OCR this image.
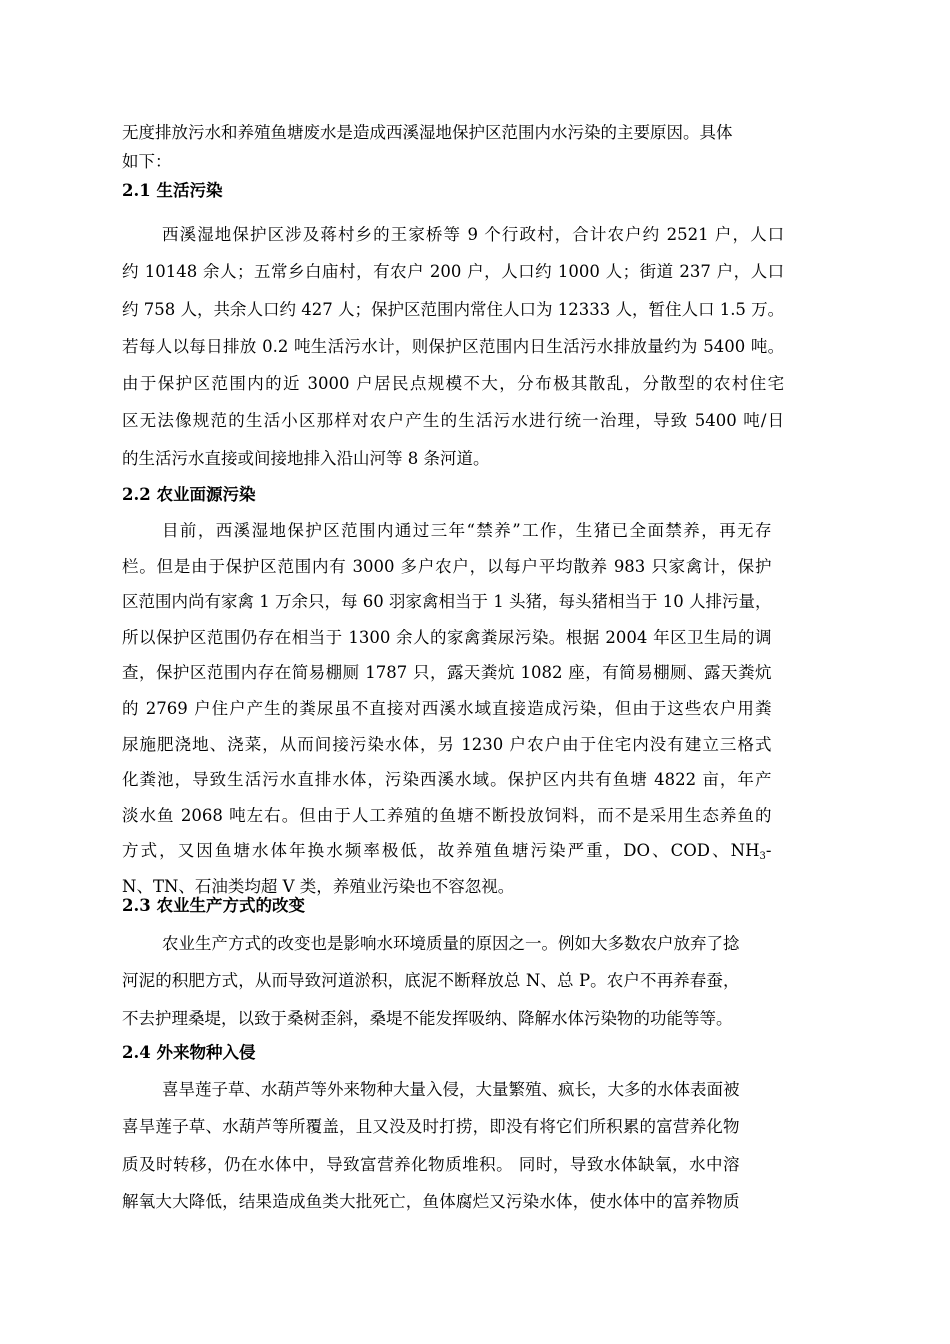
无度排放污水和养殖鱼塘废水是造成西溪湿地保护区范围内水污染的主要原因。具体

如下：

2.1 生活污染

西溪湿地保护区涉及蒋村乡的王家桥等 9 个行政村，合计农户约 2521 户，人口

约 10148 余人；五常乡白庙村，有农户 200 户，人口约 1000 人；街道 237 户，人口

约 758 人，共余人口约 427 人；保护区范围内常住人口为 12333 人，暂住人口 1.5 万。

若每人以每日排放 0.2 吨生活污水计，则保护区范围内日生活污水排放量约为 5400 吨。

由于保护区范围内的近 3000 户居民点规模不大，分布极其散乱，分散型的农村住宅

区无法像规范的生活小区那样对农户产生的生活污水进行统一治理，导致 5400 吨/日

的生活污水直接或间接地排入沿山河等 8 条河道。

2.2 农业面源污染

目前，西溪湿地保护区范围内通过三年“禁养”工作，生猪已全面禁养，再无存

栏。但是由于保护区范围内有 3000 多户农户，以每户平均散养 983 只家禽计，保护

区范围内尚有家禽 1 万余只，每 60 羽家禽相当于 1 头猪，每头猪相当于 10 人排污量，

所以保护区范围仍存在相当于 1300 余人的家禽粪尿污染。根据 2004 年区卫生局的调

查，保护区范围内存在简易棚厕 1787 只，露天粪炕 1082 座，有简易棚厕、露天粪炕

的 2769 户住户产生的粪尿虽不直接对西溪水域直接造成污染，但由于这些农户用粪

尿施肥浇地、浇菜，从而间接污染水体，另 1230 户农户由于住宅内没有建立三格式

化粪池，导致生活污水直排水体，污染西溪水域。保护区内共有鱼塘 4822 亩，年产

淡水鱼 2068 吨左右。但由于人工养殖的鱼塘不断投放饲料，而不是采用生态养鱼的

方式，又因鱼塘水体年换水频率极低，故养殖鱼塘污染严重，DO、COD、$NH_3-$

N、TN、石油类均超 V 类，养殖业污染也不容忽视。

2.3 农业生产方式的改变

农业生产方式的改变也是影响水环境质量的原因之一。例如大多数农户放弃了捻

河泥的积肥方式，从而导致河道淤积，底泥不断释放总 N、总 P。农户不再养春蚕，

不去护理桑堤，以致于桑树歪斜，桑堤不能发挥吸纳、降解水体污染物的功能等等。

2.4 外来物种入侵

喜旱莲子草、水葫芦等外来物种大量入侵，大量繁殖、疯长，大多的水体表面被

喜旱莲子草、水葫芦等所覆盖，且又没及时打捞，即没有将它们所积累的富营养化物

质及时转移，仍在水体中，导致富营养化物质堆积。 同时，导致水体缺氧，水中溶

解氧大大降低，结果造成鱼类大批死亡，鱼体腐烂又污染水体，使水体中的富养物质
